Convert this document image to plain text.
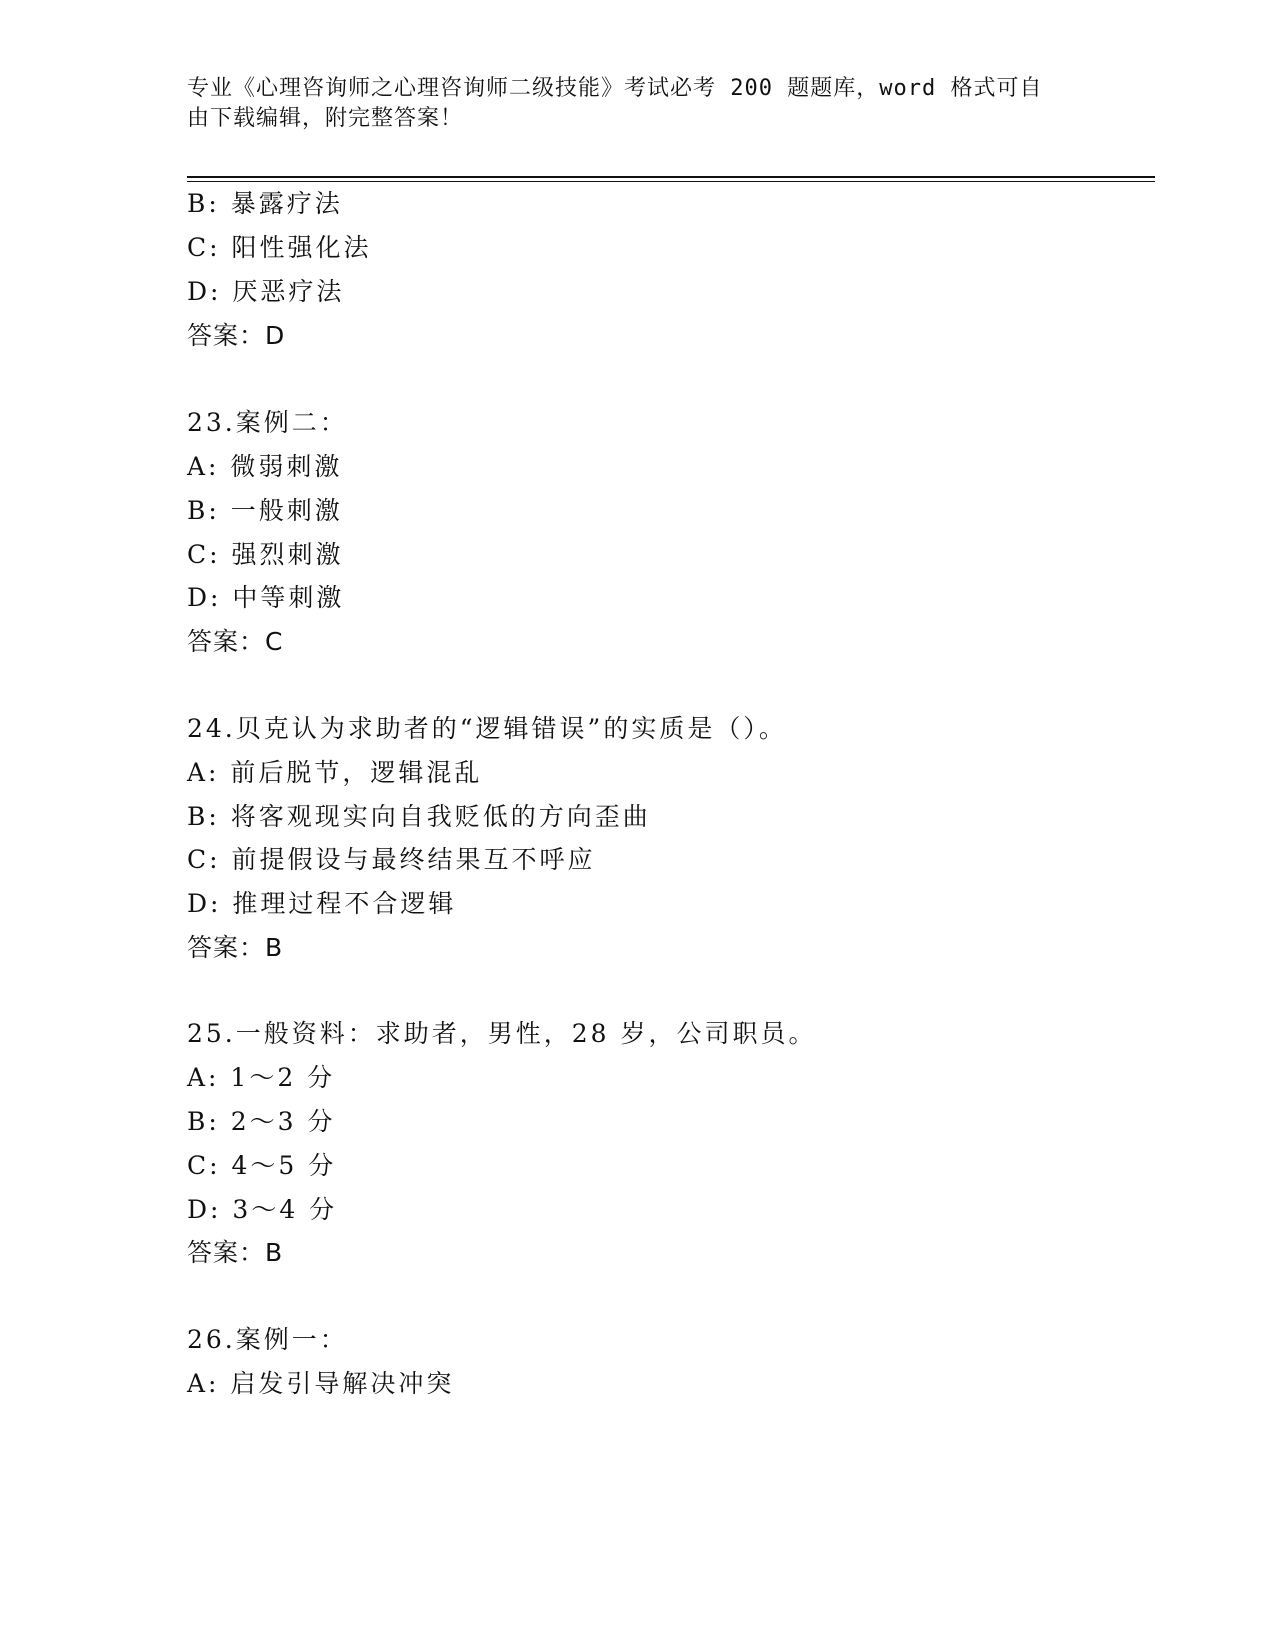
专业《心理咨询师之心理咨询师二级技能》考试必考 200 题题库，word 格式可自
由下载编辑，附完整答案！
B: 暴露疗法
C: 阳性强化法
D: 厌恶疗法
答案：D
23.案例二：
A: 微弱刺激
B: 一般刺激
C: 强烈刺激
D: 中等刺激
答案：C
24.贝克认为求助者的“逻辑错误”的实质是（）。
A: 前后脱节，逻辑混乱
B: 将客观现实向自我贬低的方向歪曲
C: 前提假设与最终结果互不呼应
D: 推理过程不合逻辑
答案：B
25.一般资料：求助者，男性，28 岁，公司职员。
A: 1～2 分
B: 2～3 分
C: 4～5 分
D: 3～4 分
答案：B
26.案例一：
A: 启发引导解决冲突
